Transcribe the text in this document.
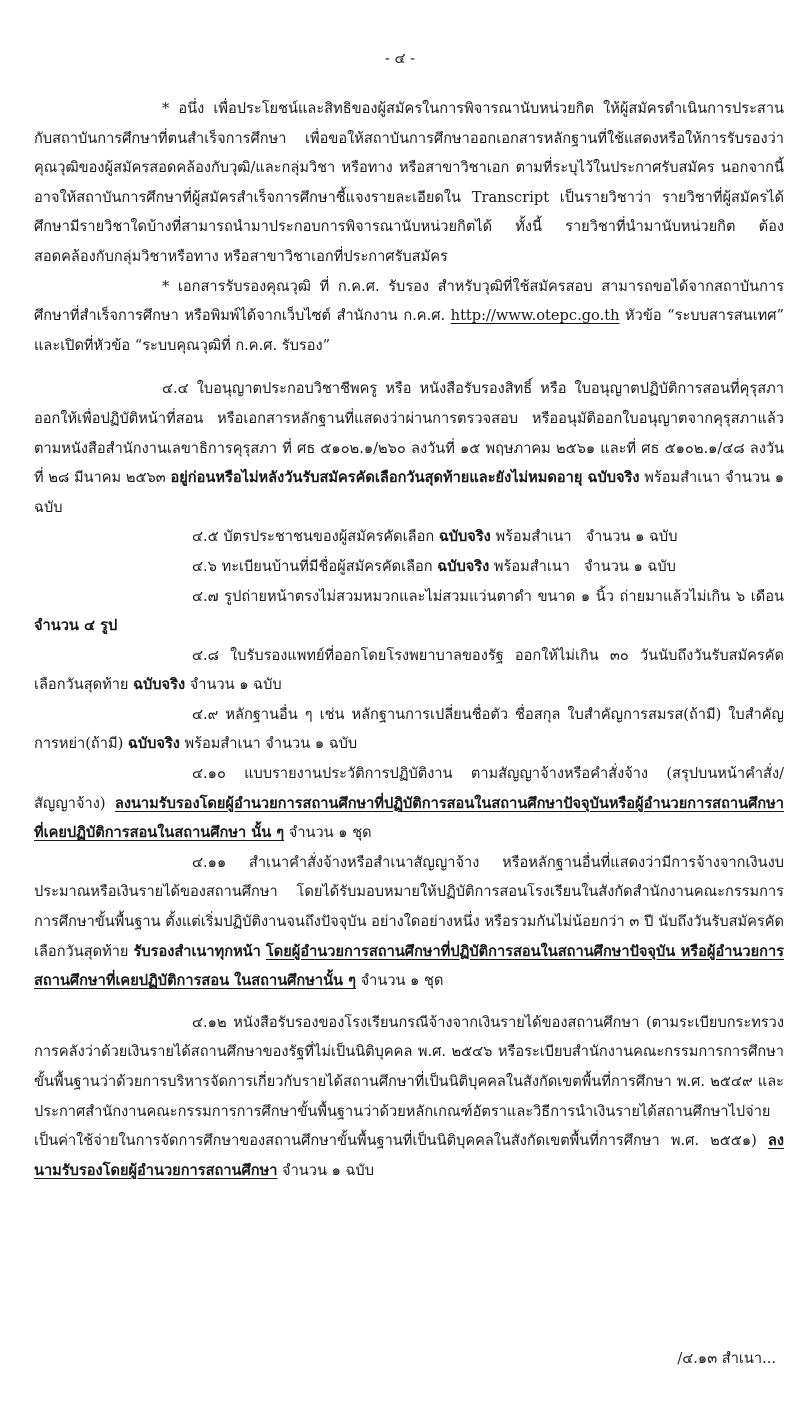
- ๔ -

* อนึ่ง เพื่อประโยชน์และสิทธิของผู้สมัครในการพิจารณานับหน่วยกิต ให้ผู้สมัครดำเนินการประสานกับสถาบันการศึกษาที่ตนสำเร็จการศึกษา เพื่อขอให้สถาบันการศึกษาออกเอกสารหลักฐานที่ใช้แสดงหรือให้การรับรองว่าคุณวุฒิของผู้สมัครสอดคล้องกับวุฒิ/และกลุ่มวิชา หรือทาง หรือสาขาวิชาเอก ตามที่ระบุไว้ในประกาศรับสมัคร นอกจากนี้ อาจให้สถาบันการศึกษาที่ผู้สมัครสำเร็จการศึกษาชี้แจงรายละเอียดใน Transcript เป็นรายวิชาว่า รายวิชาที่ผู้สมัครได้ศึกษามีรายวิชาใดบ้างที่สามารถนำมาประกอบการพิจารณานับหน่วยกิตได้ ทั้งนี้ รายวิชาที่นำมานับหน่วยกิต ต้องสอดคล้องกับกลุ่มวิชาหรือทาง หรือสาขาวิชาเอกที่ประกาศรับสมัคร

* เอกสารรับรองคุณวุฒิ ที่ ก.ค.ศ. รับรอง สำหรับวุฒิที่ใช้สมัครสอบ สามารถขอได้จากสถาบันการศึกษาที่สำเร็จการศึกษา หรือพิมพ์ได้จากเว็บไซต์ สำนักงาน ก.ค.ศ. http://www.otepc.go.th หัวข้อ “ระบบสารสนเทศ” และเปิดที่หัวข้อ “ระบบคุณวุฒิที่ ก.ค.ศ. รับรอง”

๔.๔ ใบอนุญาตประกอบวิชาชีพครู หรือ หนังสือรับรองสิทธิ์ หรือ ใบอนุญาตปฏิบัติการสอนที่คุรุสภาออกให้เพื่อปฏิบัติหน้าที่สอน หรือเอกสารหลักฐานที่แสดงว่าผ่านการตรวจสอบ หรืออนุมัติออกใบอนุญาตจากคุรุสภาแล้ว ตามหนังสือสำนักงานเลขาธิการคุรุสภา ที่ ศธ ๕๑๐๒.๑/๒๖๐ ลงวันที่ ๑๕ พฤษภาคม ๒๕๖๑ และที่ ศธ ๕๑๐๒.๑/๔๘ ลงวันที่ ๒๘ มีนาคม ๒๕๖๓ อยู่ก่อนหรือไม่หลังวันรับสมัครคัดเลือกวันสุดท้ายและยังไม่หมดอายุ ฉบับจริง พร้อมสำเนา จำนวน ๑ ฉบับ

๔.๕ บัตรประชาชนของผู้สมัครคัดเลือก ฉบับจริง พร้อมสำเนา จำนวน ๑ ฉบับ

๔.๖ ทะเบียนบ้านที่มีชื่อผู้สมัครคัดเลือก ฉบับจริง พร้อมสำเนา จำนวน ๑ ฉบับ

๔.๗ รูปถ่ายหน้าตรงไม่สวมหมวกและไม่สวมแว่นตาดำ ขนาด ๑ นิ้ว ถ่ายมาแล้วไม่เกิน ๖ เดือน จำนวน ๔ รูป

๔.๘ ใบรับรองแพทย์ที่ออกโดยโรงพยาบาลของรัฐ ออกให้ไม่เกิน ๓๐ วันนับถึงวันรับสมัครคัดเลือกวันสุดท้าย ฉบับจริง จำนวน ๑ ฉบับ

๔.๙ หลักฐานอื่น ๆ เช่น หลักฐานการเปลี่ยนชื่อตัว ชื่อสกุล ใบสำคัญการสมรส(ถ้ามี) ใบสำคัญการหย่า(ถ้ามี) ฉบับจริง พร้อมสำเนา จำนวน ๑ ฉบับ

๔.๑๐ แบบรายงานประวัติการปฏิบัติงาน ตามสัญญาจ้างหรือคำสั่งจ้าง (สรุปบนหน้าคำสั่ง/สัญญาจ้าง) ลงนามรับรองโดยผู้อำนวยการสถานศึกษาที่ปฏิบัติการสอนในสถานศึกษาปัจจุบันหรือผู้อำนวยการสถานศึกษาที่เคยปฏิบัติการสอนในสถานศึกษา นั้น ๆ จำนวน ๑ ชุด

๔.๑๑ สำเนาคำสั่งจ้างหรือสำเนาสัญญาจ้าง หรือหลักฐานอื่นที่แสดงว่ามีการจ้างจากเงินงบประมาณหรือเงินรายได้ของสถานศึกษา โดยได้รับมอบหมายให้ปฏิบัติการสอนโรงเรียนในสังกัดสำนักงานคณะกรรมการการศึกษาขั้นพื้นฐาน ตั้งแต่เริ่มปฏิบัติงานจนถึงปัจจุบัน อย่างใดอย่างหนึ่ง หรือรวมกันไม่น้อยกว่า ๓ ปี นับถึงวันรับสมัครคัดเลือกวันสุดท้าย รับรองสำเนาทุกหน้า โดยผู้อำนวยการสถานศึกษาที่ปฏิบัติการสอนในสถานศึกษาปัจจุบัน หรือผู้อำนวยการสถานศึกษาที่เคยปฏิบัติการสอน ในสถานศึกษานั้น ๆ จำนวน ๑ ชุด

๔.๑๒ หนังสือรับรองของโรงเรียนกรณีจ้างจากเงินรายได้ของสถานศึกษา (ตามระเบียบกระทรวงการคลังว่าด้วยเงินรายได้สถานศึกษาของรัฐที่ไม่เป็นนิติบุคคล พ.ศ. ๒๕๔๖ หรือระเบียบสำนักงานคณะกรรมการการศึกษาขั้นพื้นฐานว่าด้วยการบริหารจัดการเกี่ยวกับรายได้สถานศึกษาที่เป็นนิติบุคคลในสังกัดเขตพื้นที่การศึกษา พ.ศ. ๒๕๔๙ และประกาศสำนักงานคณะกรรมการการศึกษาขั้นพื้นฐานว่าด้วยหลักเกณฑ์อัตราและวิธีการนำเงินรายได้สถานศึกษาไปจ่ายเป็นค่าใช้จ่ายในการจัดการศึกษาของสถานศึกษาขั้นพื้นฐานที่เป็นนิติบุคคลในสังกัดเขตพื้นที่การศึกษา พ.ศ. ๒๕๕๑) ลงนามรับรองโดยผู้อำนวยการสถานศึกษา จำนวน ๑ ฉบับ

/๔.๑๓ สำเนา...
